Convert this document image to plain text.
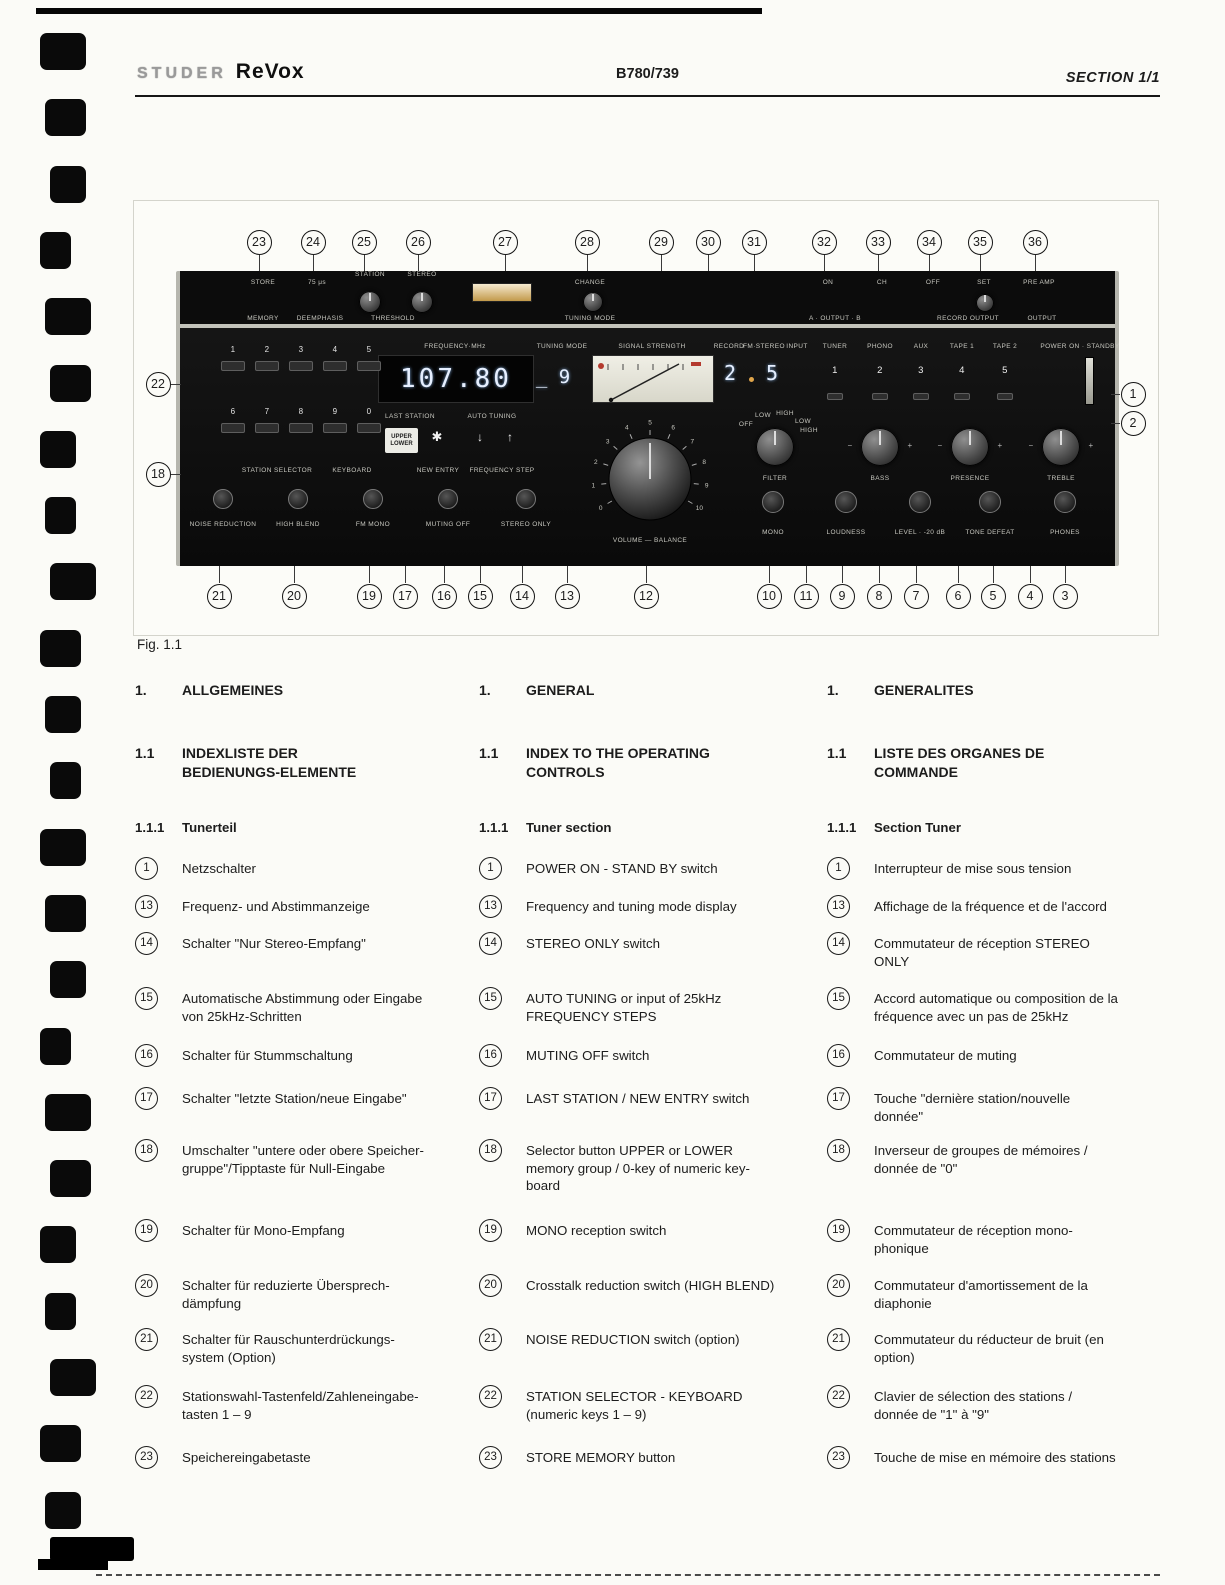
STUDER ReVox	B780/739	SECTION 1/1
107.80 _ 9	2 5
UPPER
LOWER	✱	↓	↑
STORE	75 μs
STATION	STEREO
CHANGE	ON	CH	OFF	SET	PRE AMP
MEMORY	DEEMPHASIS	THRESHOLD	TUNING MODE	A · OUTPUT · B	RECORD OUTPUT	OUTPUT
FREQUENCY·MHz	TUNING MODE	SIGNAL STRENGTH	RECORD
FM·STEREO INPUT
1	2	3	4	5
6	7	8	9	0
LAST STATION	AUTO TUNING
STATION SELECTOR	KEYBOARD	NEW ENTRY FREQUENCY STEP
TUNER	PHONO	AUX	TAPE 1	TAPE 2
1	2	3	4	5
POWER ON · STANDBY
0
1
2
3
4
5
6
7
8
9
10
VOLUME — BALANCE
OFF
LOW HIGH
LOW
HIGH
−	+	−	+	−	+
FILTER	BASS	PRESENCE	TREBLE
NOISE REDUCTION	HIGH BLEND	FM MONO	MUTING OFF	STEREO ONLY
MONO	LOUDNESS	LEVEL · -20 dB	TONE DEFEAT	PHONES
23	24	25	26	27	28	29	30	31	32	33	34	35	36
21	20	19	17	16	15	14	13	12	10	11	9	8	7	6	5	4	3
22
18
1
2
Fig. 1.1
1.	ALLGEMEINES
1.1	INDEXLISTE DER BEDIENUNGS-ELEMENTE
1.1.1	Tunerteil
1	Netzschalter
13	Frequenz- und Abstimmanzeige
14	Schalter "Nur Stereo-Empfang"
15	Automatische Abstimmung oder Eingabe von 25kHz-Schritten
16	Schalter für Stummschaltung
17	Schalter "letzte Station/neue Eingabe"
18	Umschalter "untere oder obere Speicher-gruppe"/Tipptaste für Null-Eingabe
19	Schalter für Mono-Empfang
20	Schalter für reduzierte Übersprech-dämpfung
21	Schalter für Rauschunterdrückungs-system (Option)
22	Stationswahl-Tastenfeld/Zahleneingabe-tasten 1 – 9
23	Speichereingabetaste
1.	GENERAL
1.1	INDEX TO THE OPERATING CONTROLS
1.1.1	Tuner section
1	POWER ON - STAND BY switch
13	Frequency and tuning mode display
14	STEREO ONLY switch
15	AUTO TUNING or input of 25kHz FREQUENCY STEPS
16	MUTING OFF switch
17	LAST STATION / NEW ENTRY switch
18	Selector button UPPER or LOWER memory group / 0-key of numeric key-board
19	MONO reception switch
20	Crosstalk reduction switch (HIGH BLEND)
21	NOISE REDUCTION switch (option)
22	STATION SELECTOR - KEYBOARD (numeric keys 1 – 9)
23	STORE MEMORY button
1.	GENERALITES
1.1	LISTE DES ORGANES DE COMMANDE
1.1.1	Section Tuner
1	Interrupteur de mise sous tension
13	Affichage de la fréquence et de l'accord
14	Commutateur de réception STEREO ONLY
15	Accord automatique ou composition de la fréquence avec un pas de 25kHz
16	Commutateur de muting
17	Touche "dernière station/nouvelle donnée"
18	Inverseur de groupes de mémoires / donnée de "0"
19	Commutateur de réception mono-phonique
20	Commutateur d'amortissement de la diaphonie
21	Commutateur du réducteur de bruit (en option)
22	Clavier de sélection des stations / donnée de "1" à "9"
23	Touche de mise en mémoire des stations
